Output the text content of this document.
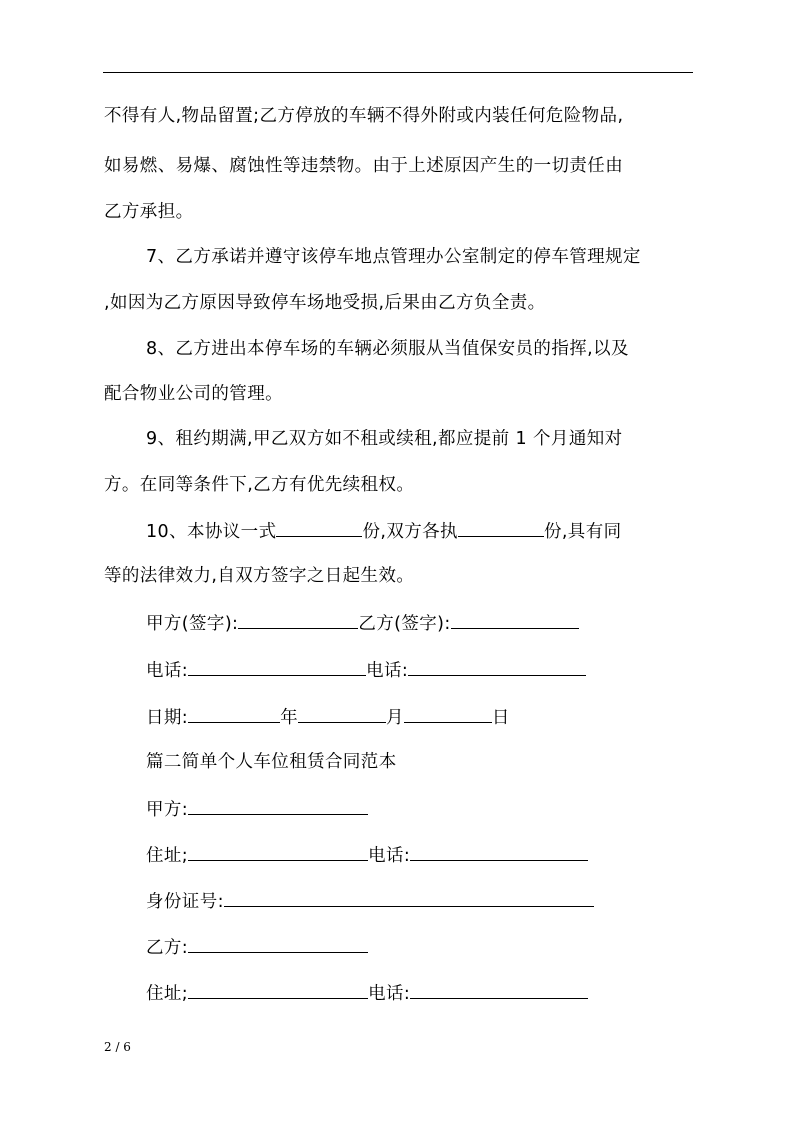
不得有人,物品留置;乙方停放的车辆不得外附或内装任何危险物品,
如易燃、易爆、腐蚀性等违禁物。由于上述原因产生的一切责任由
乙方承担。
7、乙方承诺并遵守该停车地点管理办公室制定的停车管理规定
,如因为乙方原因导致停车场地受损,后果由乙方负全责。
8、乙方进出本停车场的车辆必须服从当值保安员的指挥,以及
配合物业公司的管理。
9、租约期满,甲乙双方如不租或续租,都应提前 1 个月通知对
方。在同等条件下,乙方有优先续租权。
10、本协议一式	份,双方各执	份,具有同
等的法律效力,自双方签字之日起生效。
甲方(签字):	乙方(签字):
电话:	电话:
日期:	年	月	日
篇二简单个人车位租赁合同范本
甲方:
住址;	电话:
身份证号:
乙方:
住址;	电话:
2 / 6
